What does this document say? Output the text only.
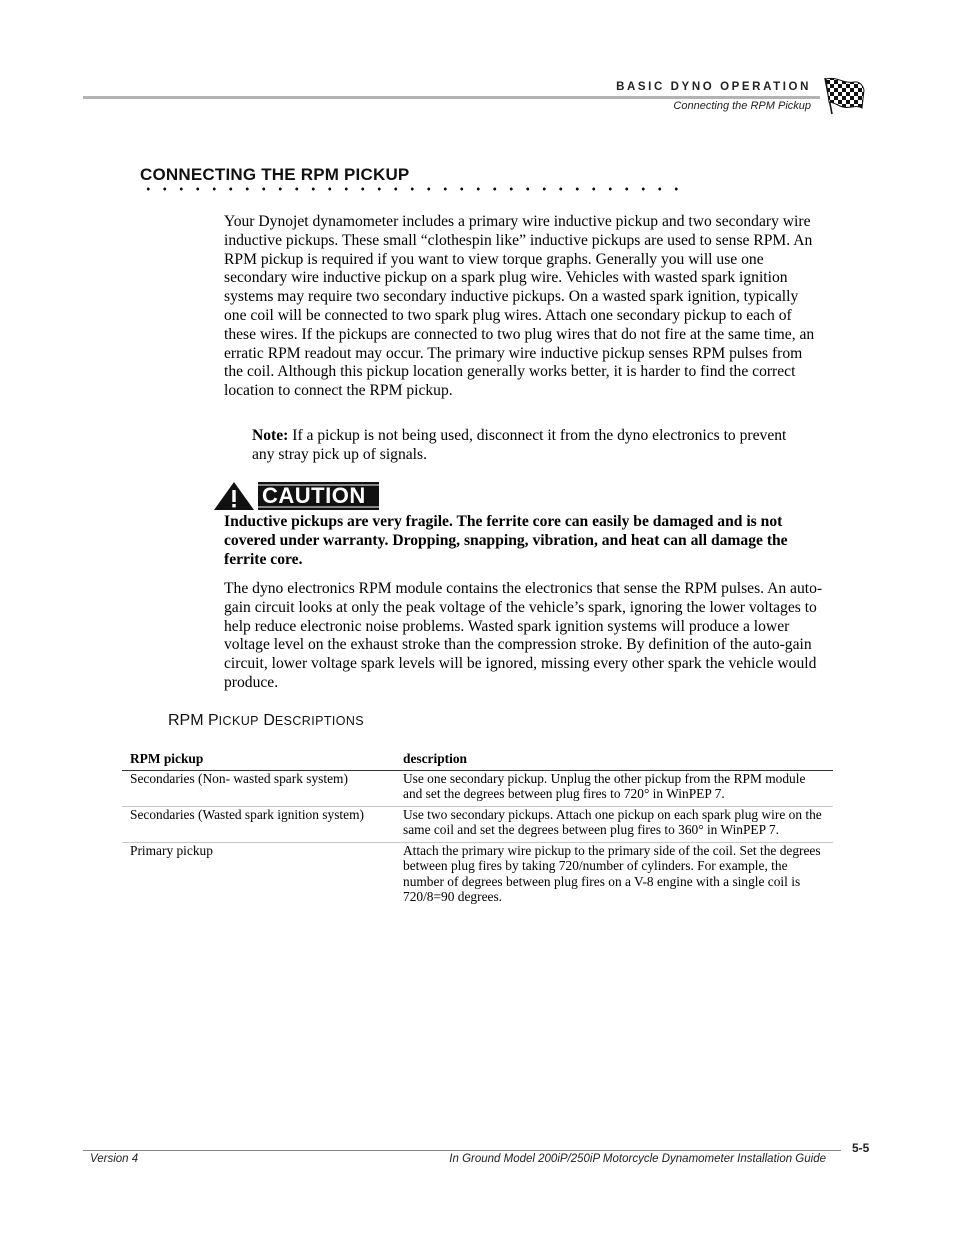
BASIC DYNO OPERATION
Connecting the RPM Pickup
CONNECTING THE RPM PICKUP
Your Dynojet dynamometer includes a primary wire inductive pickup and two secondary wire inductive pickups. These small “clothespin like” inductive pickups are used to sense RPM. An RPM pickup is required if you want to view torque graphs. Generally you will use one secondary wire inductive pickup on a spark plug wire. Vehicles with wasted spark ignition systems may require two secondary inductive pickups. On a wasted spark ignition, typically one coil will be connected to two spark plug wires. Attach one secondary pickup to each of these wires. If the pickups are connected to two plug wires that do not fire at the same time, an erratic RPM readout may occur. The primary wire inductive pickup senses RPM pulses from the coil. Although this pickup location generally works better, it is harder to find the correct location to connect the RPM pickup.
Note: If a pickup is not being used, disconnect it from the dyno electronics to prevent any stray pick up of signals.
CAUTION
Inductive pickups are very fragile. The ferrite core can easily be damaged and is not covered under warranty. Dropping, snapping, vibration, and heat can all damage the ferrite core.
The dyno electronics RPM module contains the electronics that sense the RPM pulses. An auto-gain circuit looks at only the peak voltage of the vehicle’s spark, ignoring the lower voltages to help reduce electronic noise problems. Wasted spark ignition systems will produce a lower voltage level on the exhaust stroke than the compression stroke. By definition of the auto-gain circuit, lower voltage spark levels will be ignored, missing every other spark the vehicle would produce.
RPM PICKUP DESCRIPTIONS
RPM pickup	description
Secondaries (Non- wasted spark system)	Use one secondary pickup. Unplug the other pickup from the RPM module and set the degrees between plug fires to 720° in WinPEP 7.
Secondaries (Wasted spark ignition system)	Use two secondary pickups. Attach one pickup on each spark plug wire on the same coil and set the degrees between plug fires to 360° in WinPEP 7.
Primary pickup	Attach the primary wire pickup to the primary side of the coil. Set the degrees between plug fires by taking 720/number of cylinders. For example, the number of degrees between plug fires on a V-8 engine with a single coil is 720/8=90 degrees.
5-5
Version 4	In Ground Model 200iP/250iP Motorcycle Dynamometer Installation Guide
